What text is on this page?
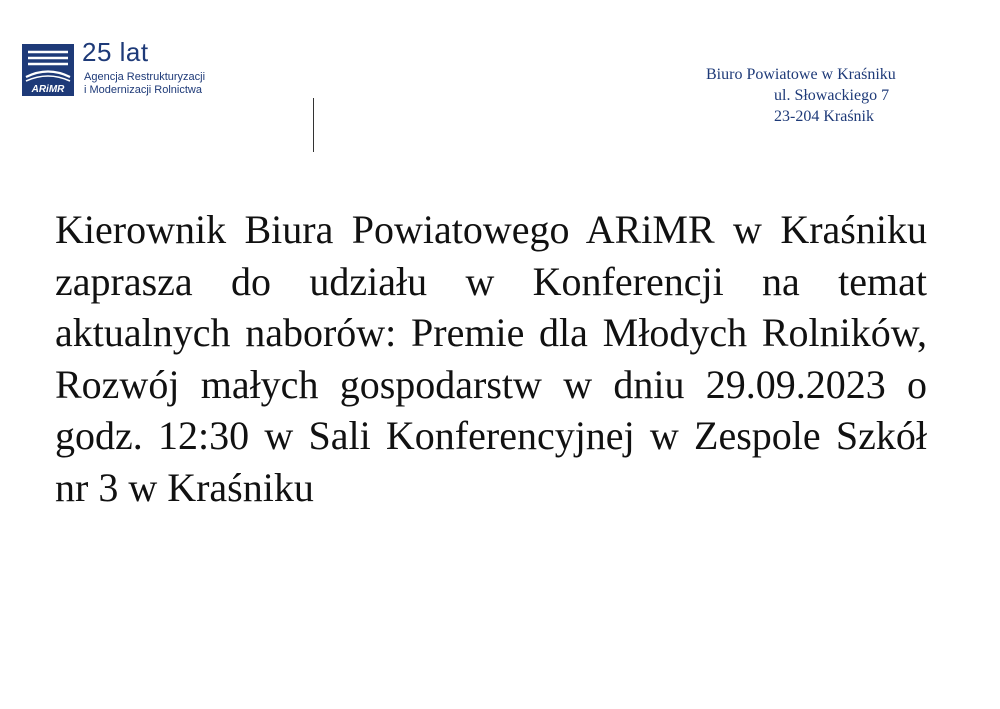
ARiMR
25 lat
Agencja Restrukturyzacji
i Modernizacji Rolnictwa
Biuro Powiatowe w Kraśniku
ul. Słowackiego 7
23-204 Kraśnik

Kierownik Biura Powiatowego ARiMR w Kraśniku zaprasza do udziału w Konferencji na temat aktualnych naborów: Premie dla Młodych Rolników, Rozwój małych gospodarstw w dniu 29.09.2023 o godz. 12:30 w Sali Konferencyjnej w Zespole Szkół nr 3 w Kraśniku
